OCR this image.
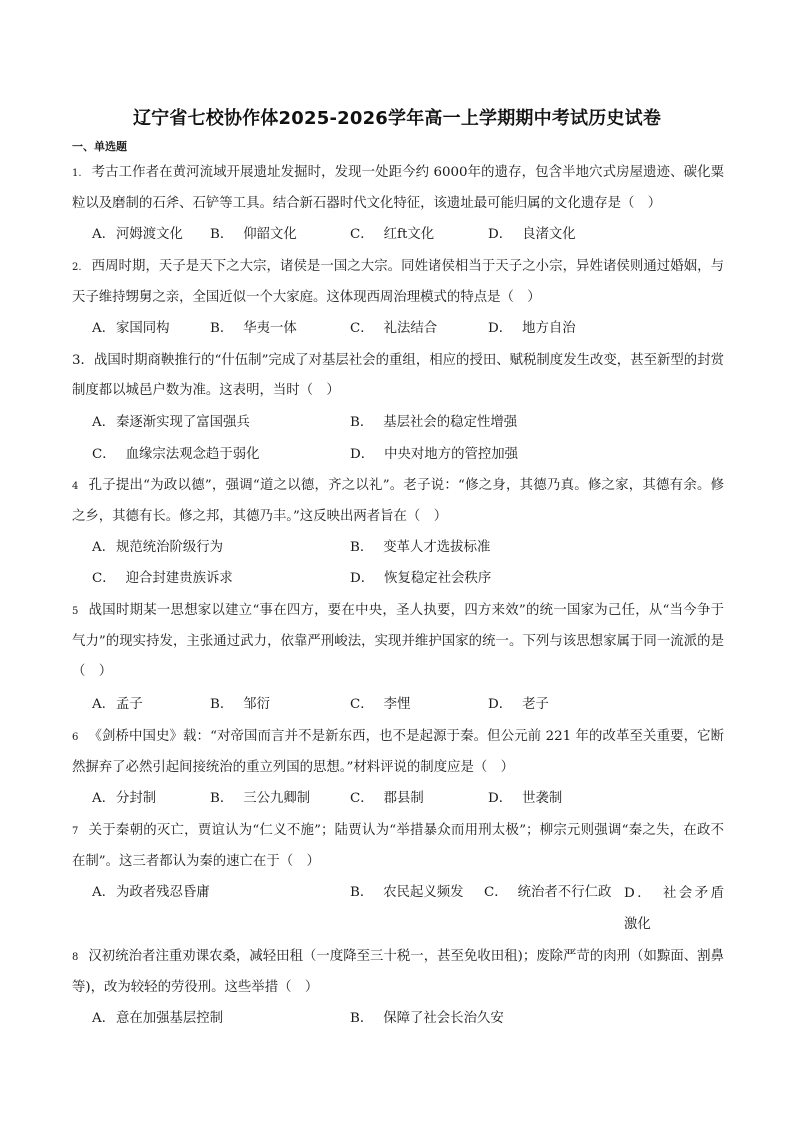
辽宁省七校协作体2025-2026学年高一上学期期中考试历史试卷
一、单选题
1. 考古工作者在黄河流域开展遗址发掘时，发现一处距今约 6000年的遗存，包含半地穴式房屋遗迹、碳化粟粒以及磨制的石斧、石铲等工具。结合新石器时代文化特征，该遗址最可能归属的文化遗存是（　）
A. 河姆渡文化 B． 仰韶文化	C． 红ft文化	D． 良渚文化
2. 西周时期，天子是天下之大宗，诸侯是一国之大宗。同姓诸侯相当于天子之小宗，异姓诸侯则通过婚姻，与天子维持甥舅之亲，全国近似一个大家庭。这体现西周治理模式的特点是（　）
A. 家国同构	B． 华夷一体	C． 礼法结合	D． 地方自治
3．战国时期商鞅推行的“什伍制”完成了对基层社会的重组，相应的授田、赋税制度发生改变，甚至新型的封赏制度都以城邑户数为准。这表明，当时（　）
A. 秦逐渐实现了富国强兵	B． 基层社会的稳定性增强
C． 血缘宗法观念趋于弱化	D． 中央对地方的管控加强
4 孔子提出“为政以德”，强调“道之以德，齐之以礼”。老子说：“修之身，其德乃真。修之家，其德有余。修之乡，其德有长。修之邦，其德乃丰。”这反映出两者旨在（　）
A. 规范统治阶级行为	B． 变革人才选拔标准
C． 迎合封建贵族诉求	D． 恢复稳定社会秩序
5 战国时期某一思想家以建立“事在四方，要在中央，圣人执要，四方来效”的统一国家为己任，从“当今争于气力”的现实持发，主张通过武力，依靠严刑峻法，实现并维护国家的统一。下列与该思想家属于同一流派的是（　）
A. 孟子	B． 邹衍	C． 李悝	D． 老子
6 《剑桥中国史》载：“对帝国而言并不是新东西，也不是起源于秦。但公元前 221 年的改革至关重要，它断然摒弃了必然引起间接统治的重立列国的思想。”材料评说的制度应是（　）
A. 分封制	B． 三公九卿制	C． 郡县制	D． 世袭制
7 关于秦朝的灭亡，贾谊认为“仁义不施”；陆贾认为“举措暴众而用刑太极”；柳宗元则强调“秦之失，在政不在制”。这三者都认为秦的速亡在于（　）
A. 为政者残忍昏庸	B． 农民起义频发 C． 统治者不行仁政 D． 社会矛盾激化
8 汉初统治者注重劝课农桑，减轻田租（一度降至三十税一，甚至免收田租)；废除严苛的肉刑（如黥面、割鼻等)，改为较轻的劳役刑。这些举措（　）
A. 意在加强基层控制	B． 保障了社会长治久安
